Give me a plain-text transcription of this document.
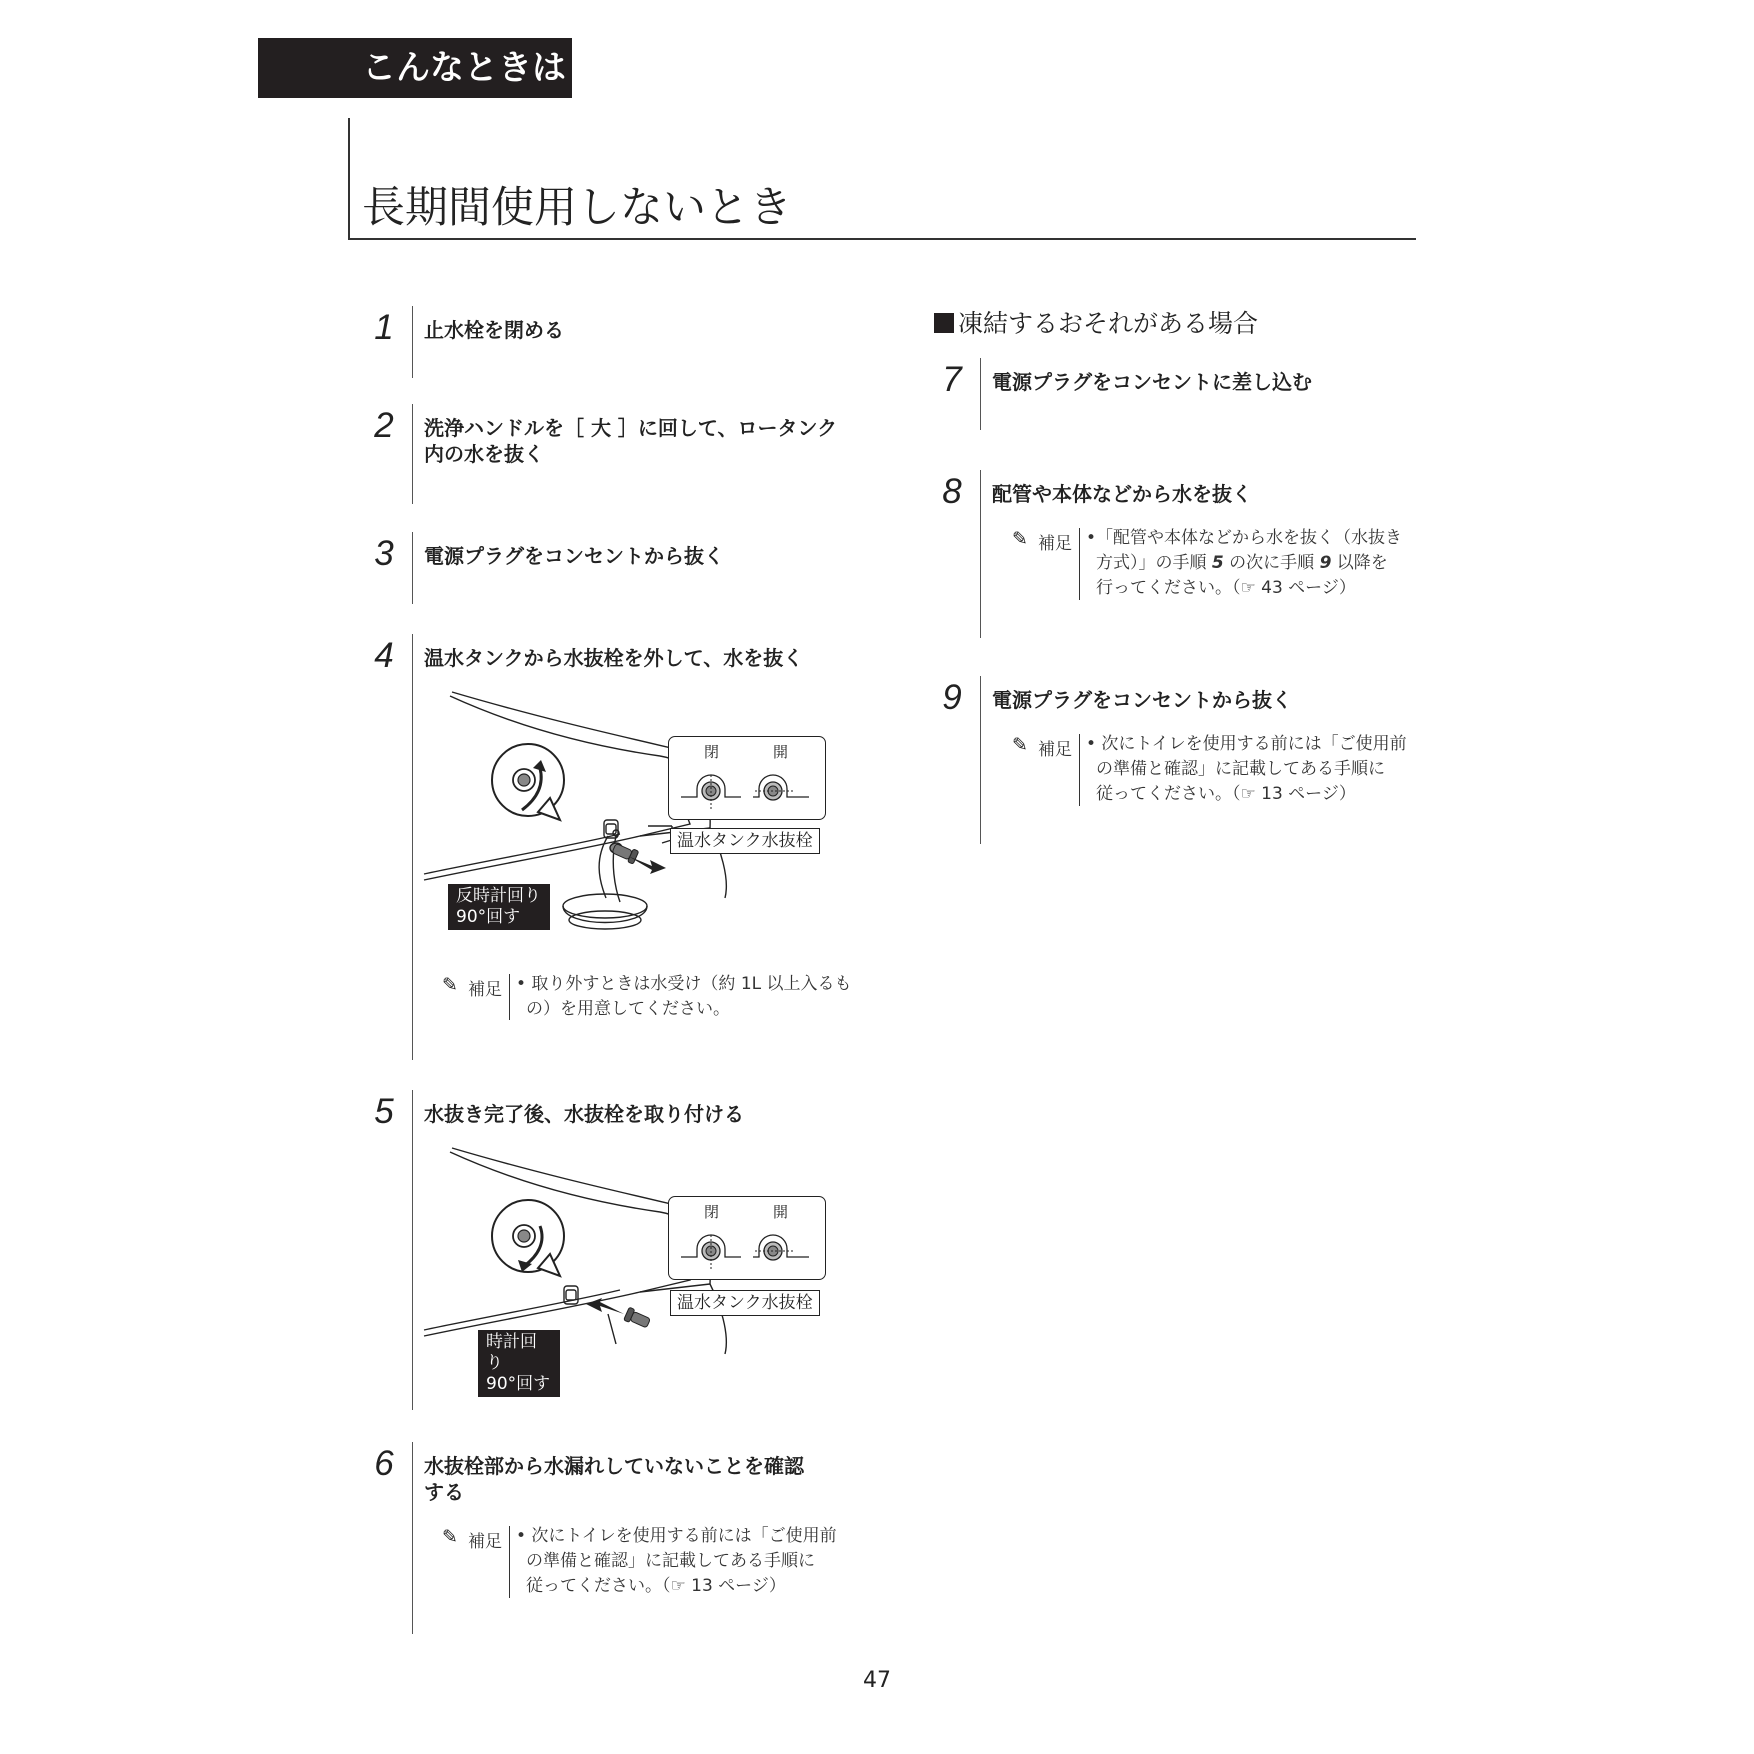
こんなときは
長期間使用しないとき
1	止水栓を閉める
2	洗浄ハンドルを［ 大 ］に回して、ロータンク
内の水を抜く
3	電源プラグをコンセントから抜く
4	温水タンクから水抜栓を外して、水を抜く
閉	開
温水タンク水抜栓
反時計回り
90°回す
✎ 補足 • 取り外すときは水受け（約 1L 以上入るも
の）を用意してください。
5	水抜き完了後、水抜栓を取り付ける
閉	開
温水タンク水抜栓
時計回り
90°回す
6	水抜栓部から水漏れしていないことを確認
する
✎ 補足 • 次にトイレを使用する前には「ご使用前
の準備と確認」に記載してある手順に
従ってください。（☞ 13 ページ）
凍結するおそれがある場合
7	電源プラグをコンセントに差し込む
8	配管や本体などから水を抜く
✎ 補足 •「配管や本体などから水を抜く（水抜き
方式）」の手順 5 の次に手順 9 以降を
行ってください。（☞ 43 ページ）
9	電源プラグをコンセントから抜く
✎ 補足 • 次にトイレを使用する前には「ご使用前
の準備と確認」に記載してある手順に
従ってください。（☞ 13 ページ）
47
